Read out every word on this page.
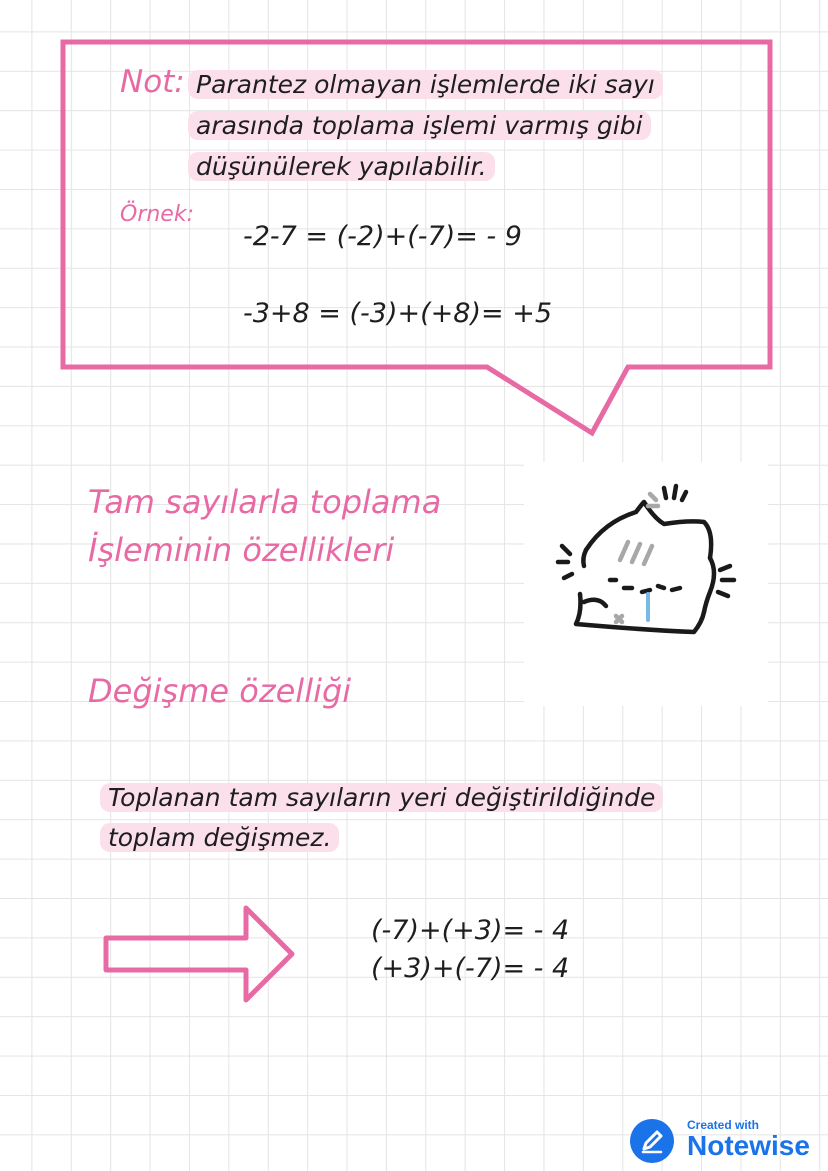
Not: Parantez olmayan işlemlerde iki sayı
arasında toplama işlemi varmış gibi
düşünülerek yapılabilir.
Örnek:
-2-7 = (-2)+(-7)= - 9
-3+8 = (-3)+(+8)= +5
Tam sayılarla toplama
İşleminin özellikleri
Değişme özelliği
Toplanan tam sayıların yeri değiştirildiğinde
toplam değişmez.
(-7)+(+3)= - 4
(+3)+(-7)= - 4
Created with
Notewise
